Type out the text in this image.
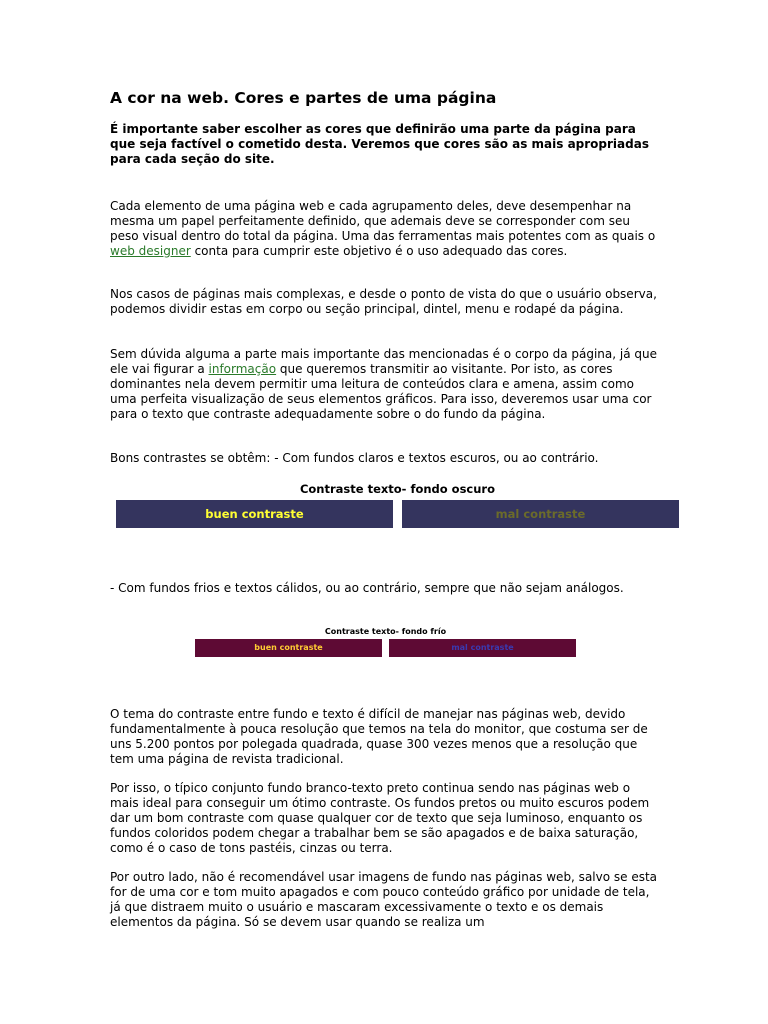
A cor na web. Cores e partes de uma página

É importante saber escolher as cores que definirão uma parte da página para que seja factível o cometido desta. Veremos que cores são as mais apropriadas para cada seção do site.

Cada elemento de uma página web e cada agrupamento deles, deve desempenhar na mesma um papel perfeitamente definido, que ademais deve se corresponder com seu peso visual dentro do total da página. Uma das ferramentas mais potentes com as quais o web designer conta para cumprir este objetivo é o uso adequado das cores.

Nos casos de páginas mais complexas, e desde o ponto de vista do que o usuário observa, podemos dividir estas em corpo ou seção principal, dintel, menu e rodapé da página.

Sem dúvida alguma a parte mais importante das mencionadas é o corpo da página, já que ele vai figurar a informação que queremos transmitir ao visitante. Por isto, as cores dominantes nela devem permitir uma leitura de conteúdos clara e amena, assim como uma perfeita visualização de seus elementos gráficos. Para isso, deveremos usar uma cor para o texto que contraste adequadamente sobre o do fundo da página.

Bons contrastes se obtêm: - Com fundos claros e textos escuros, ou ao contrário.

Contraste texto- fondo oscuro
buen contraste	mal contraste

- Com fundos frios e textos cálidos, ou ao contrário, sempre que não sejam análogos.

Contraste texto- fondo frío
buen contraste	mal contraste

O tema do contraste entre fundo e texto é difícil de manejar nas páginas web, devido fundamentalmente à pouca resolução que temos na tela do monitor, que costuma ser de uns 5.200 pontos por polegada quadrada, quase 300 vezes menos que a resolução que tem uma página de revista tradicional.

Por isso, o típico conjunto fundo branco-texto preto continua sendo nas páginas web o mais ideal para conseguir um ótimo contraste. Os fundos pretos ou muito escuros podem dar um bom contraste com quase qualquer cor de texto que seja luminoso, enquanto os fundos coloridos podem chegar a trabalhar bem se são apagados e de baixa saturação, como é o caso de tons pastéis, cinzas ou terra.

Por outro lado, não é recomendável usar imagens de fundo nas páginas web, salvo se esta for de uma cor e tom muito apagados e com pouco conteúdo gráfico por unidade de tela, já que distraem muito o usuário e mascaram excessivamente o texto e os demais elementos da página. Só se devem usar quando se realiza um
